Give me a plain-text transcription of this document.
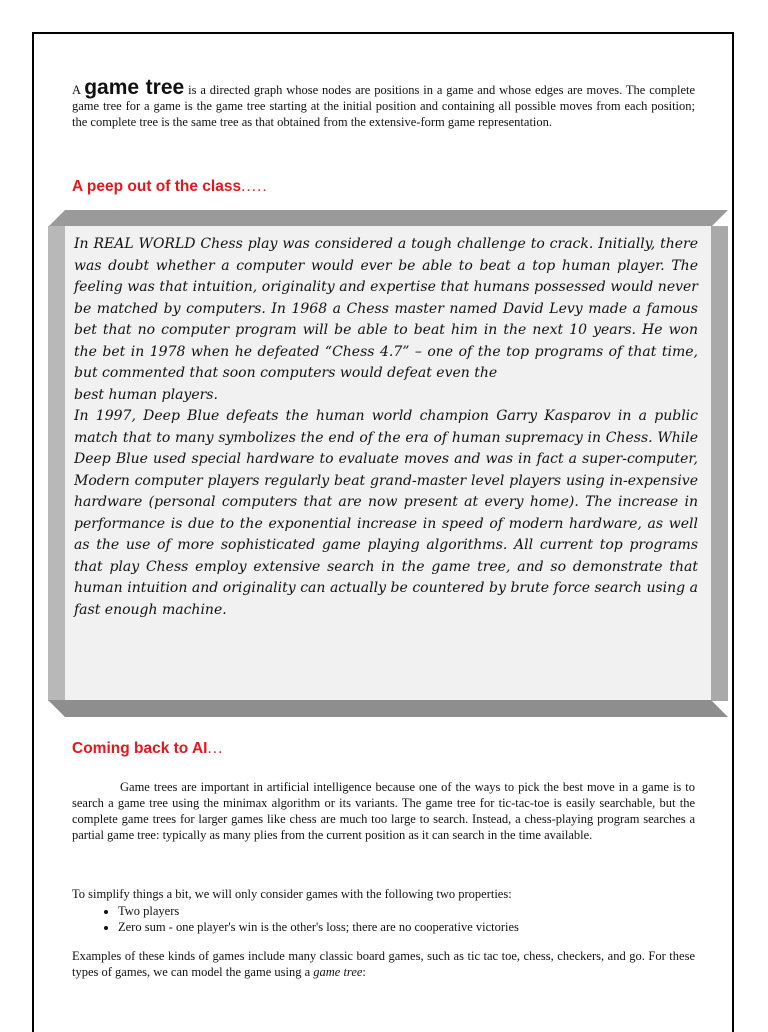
A game tree is a directed graph whose nodes are positions in a game and whose edges are moves. The complete game tree for a game is the game tree starting at the initial position and containing all possible moves from each position; the complete tree is the same tree as that obtained from the extensive-form game representation.
A peep out of the class.....

In REAL WORLD Chess play was considered a tough challenge to crack. Initially, there was doubt whether a computer would ever be able to beat a top human player. The feeling was that intuition, originality and expertise that humans possessed would never be matched by computers. In 1968 a Chess master named David Levy made a famous bet that no computer program will be able to beat him in the next 10 years. He won the bet in 1978 when he defeated “Chess 4.7” – one of the top programs of that time, but commented that soon computers would defeat even the
best human players.

In 1997, Deep Blue defeats the human world champion Garry Kasparov in a public match that to many symbolizes the end of the era of human supremacy in Chess. While Deep Blue used special hardware to evaluate moves and was in fact a super-computer, Modern computer players regularly beat grand-master level players using in-expensive hardware (personal computers that are now present at every home). The increase in performance is due to the exponential increase in speed of modern hardware, as well as the use of more sophisticated game playing algorithms. All current top programs that play Chess employ extensive search in the game tree, and so demonstrate that human intuition and originality can actually be countered by brute force search using a fast enough machine.

Coming back to AI...

Game trees are important in artificial intelligence because one of the ways to pick the best move in a game is to search a game tree using the minimax algorithm or its variants. The game tree for tic-tac-toe is easily searchable, but the complete game trees for larger games like chess are much too large to search. Instead, a chess-playing program searches a partial game tree: typically as many plies from the current position as it can search in the time available.

To simplify things a bit, we will only consider games with the following two properties:

• Two players
• Zero sum - one player's win is the other's loss; there are no cooperative victories

Examples of these kinds of games include many classic board games, such as tic tac toe, chess, checkers, and go. For these types of games, we can model the game using a game tree:
